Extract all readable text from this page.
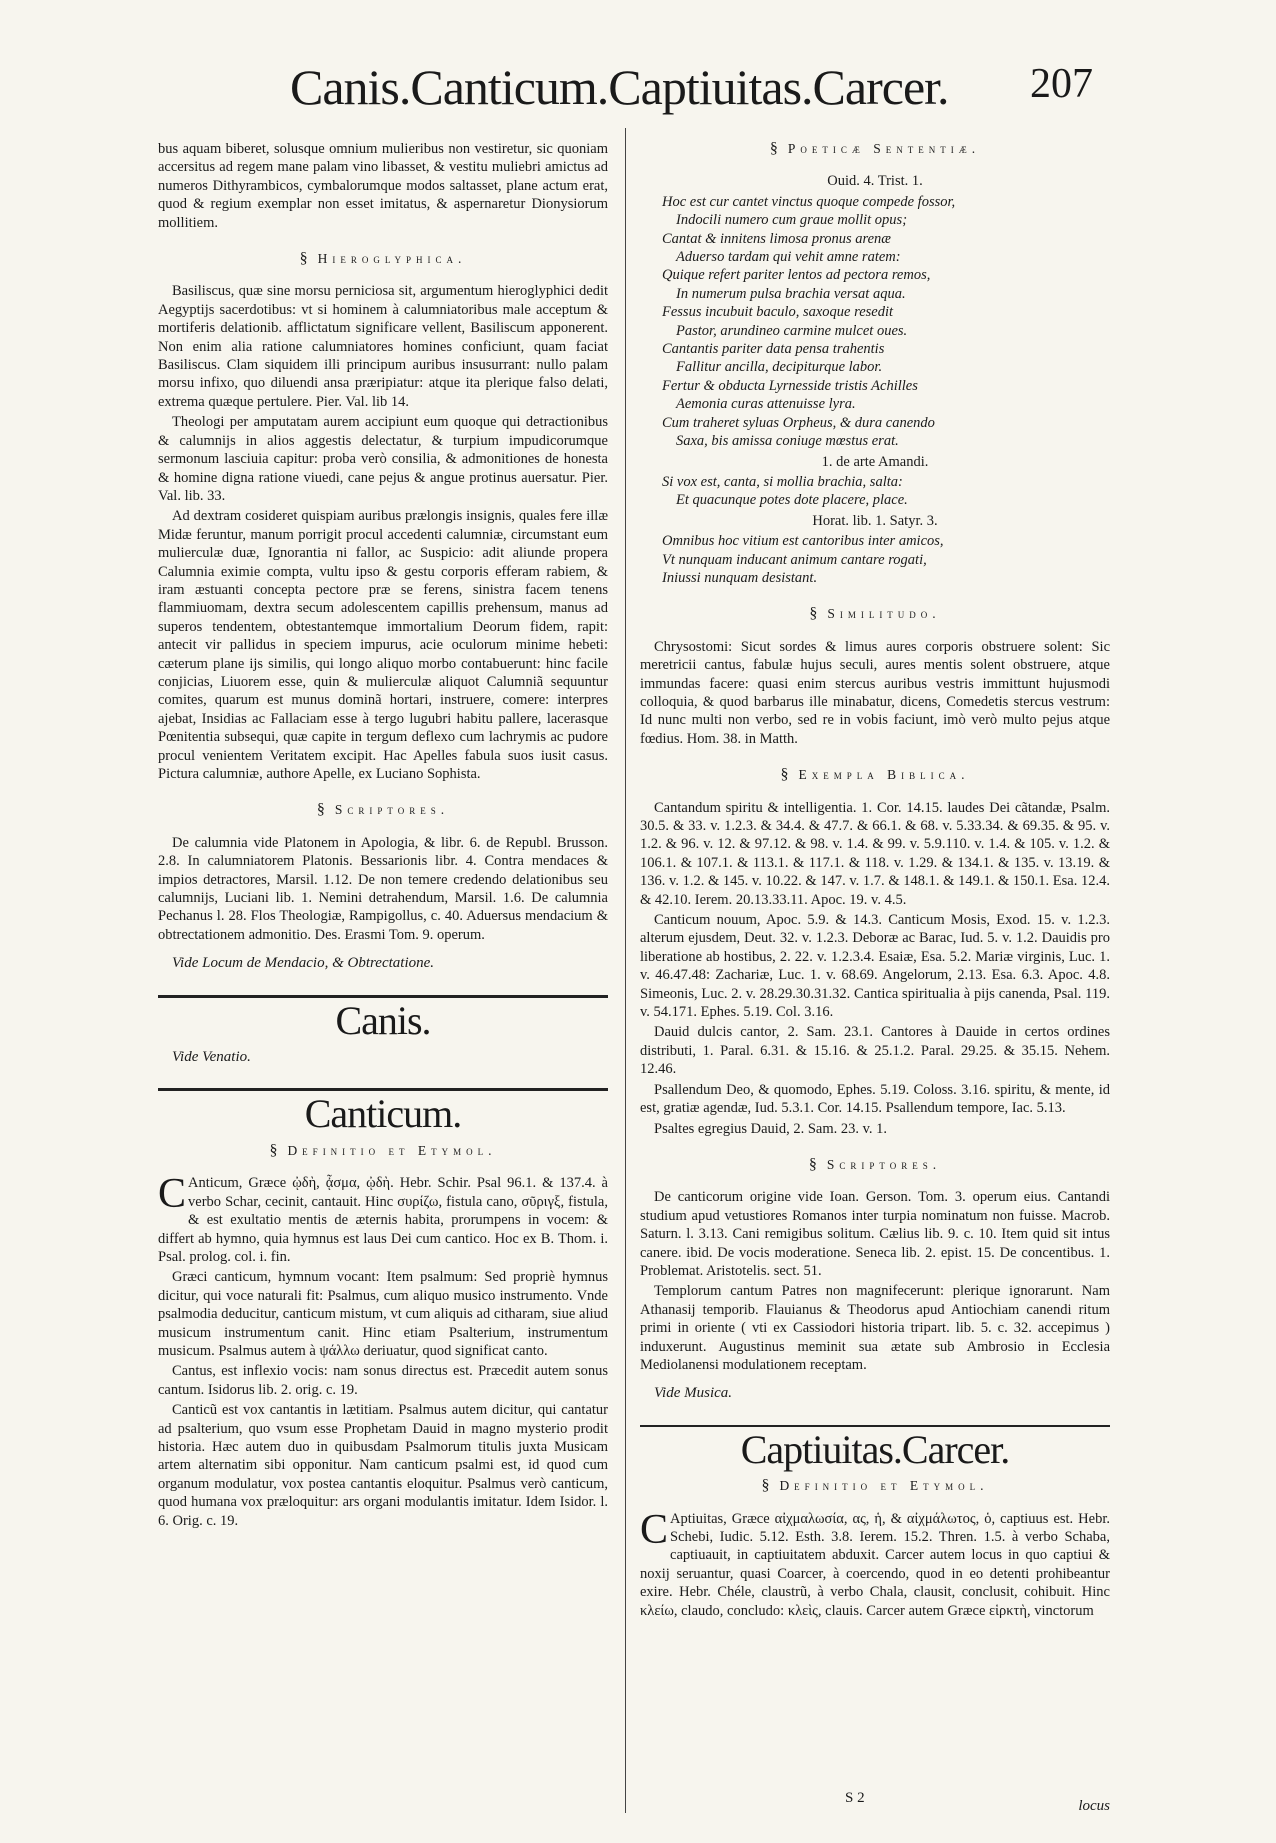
Canis.Canticum.Captiuitas.Carcer. 207

bus aquam biberet, solusque omnium mulieribus non vestiretur, sic quoniam accersitus ad regem mane palam vino libasset, & vestitu muliebri amictus ad numeros Dithyrambicos, cymbalorumque modos saltasset, plane actum erat, quod & regium exemplar non esset imitatus, & aspernaretur Dionysiorum mollitiem.

§ Hieroglyphica.

Basiliscus, quæ sine morsu perniciosa sit, argumentum hieroglyphici dedit Aegyptijs sacerdotibus: vt si hominem à calumniatoribus male acceptum & mortiferis delationib. afflictatum significare vellent, Basiliscum apponerent. Non enim alia ratione calumniatores homines conficiunt, quam faciat Basiliscus. Clam siquidem illi principum auribus insusurrant: nullo palam morsu infixo, quo diluendi ansa præripiatur: atque ita plerique falso delati, extrema quæque pertulere. Pier. Val. lib 14.

Theologi per amputatam aurem accipiunt eum quoque qui detractionibus & calumnijs in alios aggestis delectatur, & turpium impudicorumque sermonum lasciuia capitur: proba verò consilia, & admonitiones de honesta & homine digna ratione viuedi, cane pejus & angue protinus auersatur. Pier. Val. lib. 33.

Ad dextram cosideret quispiam auribus prælongis insignis, quales fere illæ Midæ feruntur, manum porrigit procul accedenti calumniæ, circumstant eum mulierculæ duæ, Ignorantia ni fallor, ac Suspicio: adit aliunde propera Calumnia eximie compta, vultu ipso & gestu corporis efferam rabiem, & iram æstuanti concepta pectore præ se ferens, sinistra facem tenens flammiuomam, dextra secum adolescentem capillis prehensum, manus ad superos tendentem, obtestantemque immortalium Deorum fidem, rapit: antecit vir pallidus in speciem impurus, acie oculorum minime hebeti: cæterum plane ijs similis, qui longo aliquo morbo contabuerunt: hinc facile conjicias, Liuorem esse, quin & mulierculæ aliquot Calumniã sequuntur comites, quarum est munus dominã hortari, instruere, comere: interpres ajebat, Insidias ac Fallaciam esse à tergo lugubri habitu pallere, lacerasque Pœnitentia subsequi, quæ capite in tergum deflexo cum lachrymis ac pudore procul venientem Veritatem excipit. Hac Apelles fabula suos iusit casus. Pictura calumniæ, authore Apelle, ex Luciano Sophista.

§ Scriptores.

De calumnia vide Platonem in Apologia, & libr. 6. de Republ. Brusson. 2.8. In calumniatorem Platonis. Bessarionis libr. 4. Contra mendaces & impios detractores, Marsil. 1.12. De non temere credendo delationibus seu calumnijs, Luciani lib. 1. Nemini detrahendum, Marsil. 1.6. De calumnia Pechanus l. 28. Flos Theologiæ, Rampigollus, c. 40. Aduersus mendacium & obtrectationem admonitio. Des. Erasmi Tom. 9. operum.

Vide Locum de Mendacio, & Obtrectatione.

Canis.

Vide Venatio.

Canticum.
§ Definitio et Etymol.

C Anticum, Græce ᾠδὴ, ᾆσμα, ᾠδὴ. Hebr. Schir. Psal 96.1. & 137.4. à verbo Schar, cecinit, cantauit. Hinc συρίζω, fistula cano, σῦριγξ, fistula, & est exultatio mentis de æternis habita, prorumpens in vocem: & differt ab hymno, quia hymnus est laus Dei cum cantico. Hoc ex B. Thom. i. Psal. prolog. col. i. fin.

Græci canticum, hymnum vocant: Item psalmum: Sed propriè hymnus dicitur, qui voce naturali fit: Psalmus, cum aliquo musico instrumento. Vnde psalmodia deducitur, canticum mistum, vt cum aliquis ad citharam, siue aliud musicum instrumentum canit. Hinc etiam Psalterium, instrumentum musicum. Psalmus autem à ψάλλω deriuatur, quod significat canto.

Cantus, est inflexio vocis: nam sonus directus est. Præcedit autem sonus cantum. Isidorus lib. 2. orig. c. 19.

Canticũ est vox cantantis in lætitiam. Psalmus autem dicitur, qui cantatur ad psalterium, quo vsum esse Prophetam Dauid in magno mysterio prodit historia. Hæc autem duo in quibusdam Psalmorum titulis juxta Musicam artem alternatim sibi opponitur. Nam canticum psalmi est, id quod cum organum modulatur, vox postea cantantis eloquitur. Psalmus verò canticum, quod humana vox præloquitur: ars organi modulantis imitatur. Idem Isidor. l. 6. Orig. c. 19.

§ Poeticæ Sententiæ.

Ouid. 4. Trist. 1.

Hoc est cur cantet vinctus quoque compede fossor,

Indocili numero cum graue mollit opus;

Cantat & innitens limosa pronus arenæ

Aduerso tardam qui vehit amne ratem:

Quique refert pariter lentos ad pectora remos,

In numerum pulsa brachia versat aqua.

Fessus incubuit baculo, saxoque resedit

Pastor, arundineo carmine mulcet oues.

Cantantis pariter data pensa trahentis

Fallitur ancilla, decipiturque labor.

Fertur & obducta Lyrnesside tristis Achilles

Aemonia curas attenuisse lyra.

Cum traheret syluas Orpheus, & dura canendo

Saxa, bis amissa coniuge mœstus erat.

1. de arte Amandi.

Si vox est, canta, si mollia brachia, salta:

Et quacunque potes dote placere, place.

Horat. lib. 1. Satyr. 3.

Omnibus hoc vitium est cantoribus inter amicos,

Vt nunquam inducant animum cantare rogati,

Iniussi nunquam desistant.

§ Similitudo.

Chrysostomi: Sicut sordes & limus aures corporis obstruere solent: Sic meretricii cantus, fabulæ hujus seculi, aures mentis solent obstruere, atque immundas facere: quasi enim stercus auribus vestris immittunt hujusmodi colloquia, & quod barbarus ille minabatur, dicens, Comedetis stercus vestrum: Id nunc multi non verbo, sed re in vobis faciunt, imò verò multo pejus atque fœdius. Hom. 38. in Matth.

§ Exempla Biblica.

Cantandum spiritu & intelligentia. 1. Cor. 14.15. laudes Dei cãtandæ, Psalm. 30.5. & 33. v. 1.2.3. & 34.4. & 47.7. & 66.1. & 68. v. 5.33.34. & 69.35. & 95. v. 1.2. & 96. v. 12. & 97.12. & 98. v. 1.4. & 99. v. 5.9.110. v. 1.4. & 105. v. 1.2. & 106.1. & 107.1. & 113.1. & 117.1. & 118. v. 1.29. & 134.1. & 135. v. 13.19. & 136. v. 1.2. & 145. v. 10.22. & 147. v. 1.7. & 148.1. & 149.1. & 150.1. Esa. 12.4. & 42.10. Ierem. 20.13.33.11. Apoc. 19. v. 4.5.

Canticum nouum, Apoc. 5.9. & 14.3. Canticum Mosis, Exod. 15. v. 1.2.3. alterum ejusdem, Deut. 32. v. 1.2.3. Deboræ ac Barac, Iud. 5. v. 1.2. Dauidis pro liberatione ab hostibus, 2. 22. v. 1.2.3.4. Esaiæ, Esa. 5.2. Mariæ virginis, Luc. 1. v. 46.47.48: Zachariæ, Luc. 1. v. 68.69. Angelorum, 2.13. Esa. 6.3. Apoc. 4.8. Simeonis, Luc. 2. v. 28.29.30.31.32. Cantica spiritualia à pijs canenda, Psal. 119. v. 54.171. Ephes. 5.19. Col. 3.16.

Dauid dulcis cantor, 2. Sam. 23.1. Cantores à Dauide in certos ordines distributi, 1. Paral. 6.31. & 15.16. & 25.1.2. Paral. 29.25. & 35.15. Nehem. 12.46.

Psallendum Deo, & quomodo, Ephes. 5.19. Coloss. 3.16. spiritu, & mente, id est, gratiæ agendæ, Iud. 5.3.1. Cor. 14.15. Psallendum tempore, Iac. 5.13.

Psaltes egregius Dauid, 2. Sam. 23. v. 1.

§ Scriptores.

De canticorum origine vide Ioan. Gerson. Tom. 3. operum eius. Cantandi studium apud vetustiores Romanos inter turpia nominatum non fuisse. Macrob. Saturn. l. 3.13. Cani remigibus solitum. Cælius lib. 9. c. 10. Item quid sit intus canere. ibid. De vocis moderatione. Seneca lib. 2. epist. 15. De concentibus. 1. Problemat. Aristotelis. sect. 51.

Templorum cantum Patres non magnifecerunt: plerique ignorarunt. Nam Athanasij temporib. Flauianus & Theodorus apud Antiochiam canendi ritum primi in oriente ( vti ex Cassiodori historia tripart. lib. 5. c. 32. accepimus ) induxerunt. Augustinus meminit sua ætate sub Ambrosio in Ecclesia Mediolanensi modulationem receptam.

Vide Musica.

Captiuitas.Carcer.
§ Definitio et Etymol.

C Aptiuitas, Græce αἰχμαλωσία, ας, ἡ, & αἰχμάλωτος, ὁ, captiuus est. Hebr. Schebi, Iudic. 5.12. Esth. 3.8. Ierem. 15.2. Thren. 1.5. à verbo Schaba, captiuauit, in captiuitatem abduxit. Carcer autem locus in quo captiui & noxij seruantur, quasi Coarcer, à coercendo, quod in eo detenti prohibeantur exire. Hebr. Chéle, claustrũ, à verbo Chala, clausit, conclusit, cohibuit. Hinc κλείω, claudo, concludo: κλεὶς, clauis. Carcer autem Græce εἱρκτὴ, vinctorum

S 2	locus
